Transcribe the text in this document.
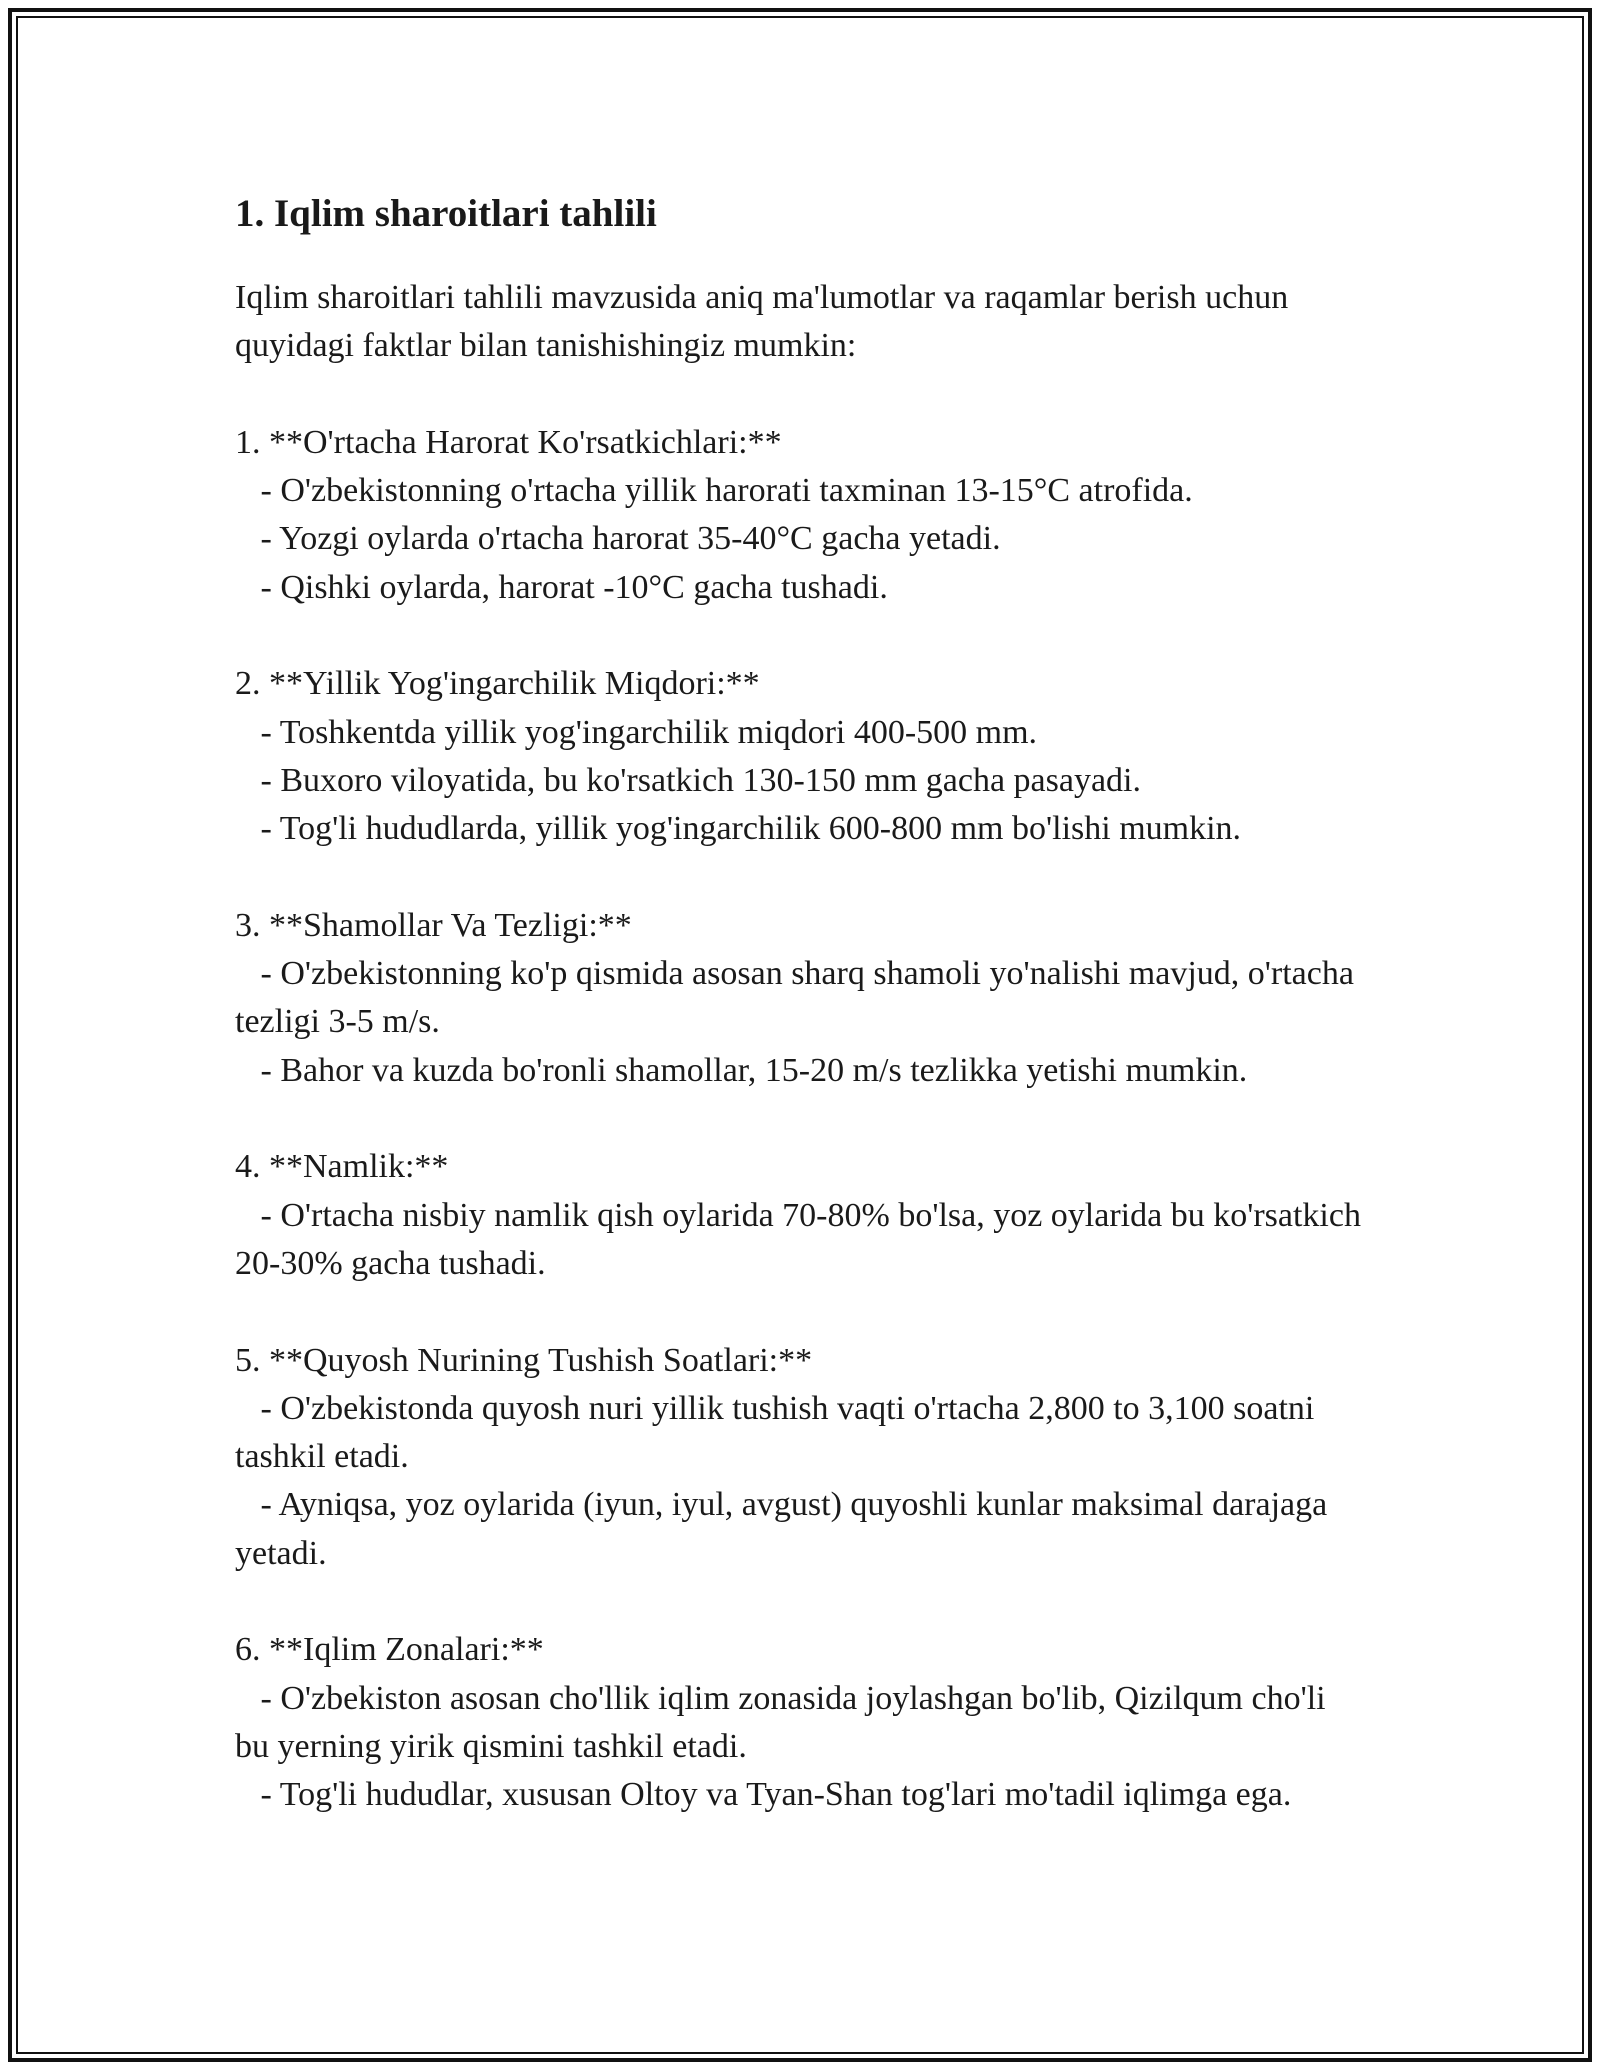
1. Iqlim sharoitlari tahlili

Iqlim sharoitlari tahlili mavzusida aniq ma'lumotlar va raqamlar berish uchun quyidagi faktlar bilan tanishishingiz mumkin:

1. **O'rtacha Harorat Ko'rsatkichlari:**

- O'zbekistonning o'rtacha yillik harorati taxminan 13-15°C atrofida.

- Yozgi oylarda o'rtacha harorat 35-40°C gacha yetadi.

- Qishki oylarda, harorat -10°C gacha tushadi.

2. **Yillik Yog'ingarchilik Miqdori:**

- Toshkentda yillik yog'ingarchilik miqdori 400-500 mm.

- Buxoro viloyatida, bu ko'rsatkich 130-150 mm gacha pasayadi.

- Tog'li hududlarda, yillik yog'ingarchilik 600-800 mm bo'lishi mumkin.

3. **Shamollar Va Tezligi:**

- O'zbekistonning ko'p qismida asosan sharq shamoli yo'nalishi mavjud, o'rtacha tezligi 3-5 m/s.

- Bahor va kuzda bo'ronli shamollar, 15-20 m/s tezlikka yetishi mumkin.

4. **Namlik:**

- O'rtacha nisbiy namlik qish oylarida 70-80% bo'lsa, yoz oylarida bu ko'rsatkich 20-30% gacha tushadi.

5. **Quyosh Nurining Tushish Soatlari:**

- O'zbekistonda quyosh nuri yillik tushish vaqti o'rtacha 2,800 to 3,100 soatni tashkil etadi.

- Ayniqsa, yoz oylarida (iyun, iyul, avgust) quyoshli kunlar maksimal darajaga yetadi.

6. **Iqlim Zonalari:**

- O'zbekiston asosan cho'llik iqlim zonasida joylashgan bo'lib, Qizilqum cho'li bu yerning yirik qismini tashkil etadi.

- Tog'li hududlar, xususan Oltoy va Tyan-Shan tog'lari mo'tadil iqlimga ega.
